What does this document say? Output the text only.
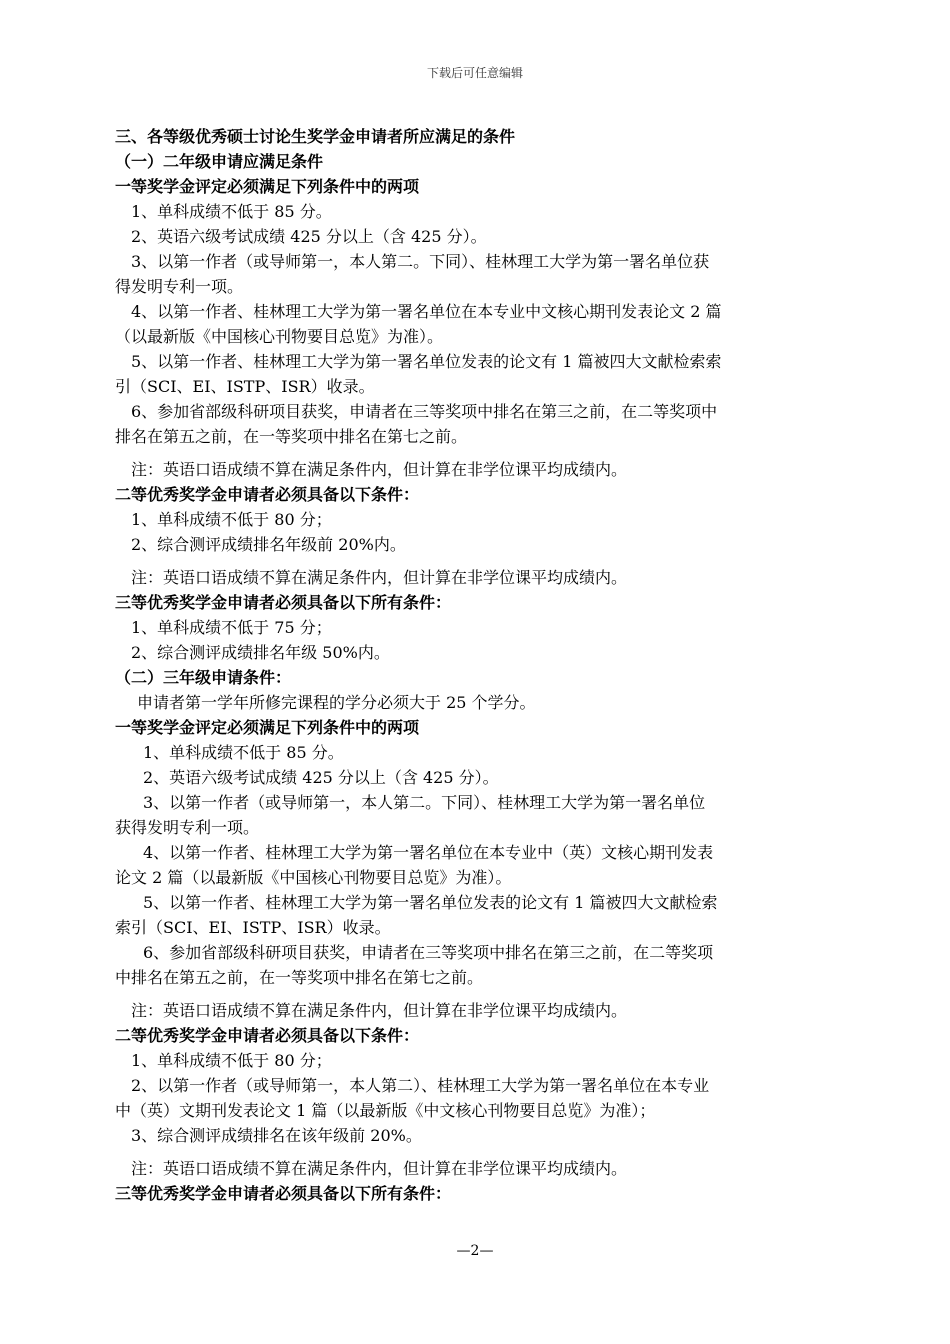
下载后可任意编辑
三、各等级优秀硕士讨论生奖学金申请者所应满足的条件
（一）二年级申请应满足条件
一等奖学金评定必须满足下列条件中的两项
1、单科成绩不低于 85 分。
2、英语六级考试成绩 425 分以上（含 425 分）。
3、以第一作者（或导师第一，本人第二。下同）、桂林理工大学为第一署名单位获
得发明专利一项。
4、以第一作者、桂林理工大学为第一署名单位在本专业中文核心期刊发表论文 2 篇
（以最新版《中国核心刊物要目总览》为准）。
5、以第一作者、桂林理工大学为第一署名单位发表的论文有 1 篇被四大文献检索索
引（SCI、EI、ISTP、ISR）收录。
6、参加省部级科研项目获奖，申请者在三等奖项中排名在第三之前，在二等奖项中
排名在第五之前，在一等奖项中排名在第七之前。
注：英语口语成绩不算在满足条件内，但计算在非学位课平均成绩内。
二等优秀奖学金申请者必须具备以下条件：
1、单科成绩不低于 80 分；
2、综合测评成绩排名年级前 20%内。
注：英语口语成绩不算在满足条件内，但计算在非学位课平均成绩内。
三等优秀奖学金申请者必须具备以下所有条件：
1、单科成绩不低于 75 分；
2、综合测评成绩排名年级 50%内。
（二）三年级申请条件：
申请者第一学年所修完课程的学分必须大于 25 个学分。
一等奖学金评定必须满足下列条件中的两项
1、单科成绩不低于 85 分。
2、英语六级考试成绩 425 分以上（含 425 分）。
3、以第一作者（或导师第一，本人第二。下同）、桂林理工大学为第一署名单位
获得发明专利一项。
4、以第一作者、桂林理工大学为第一署名单位在本专业中（英）文核心期刊发表
论文 2 篇（以最新版《中国核心刊物要目总览》为准）。
5、以第一作者、桂林理工大学为第一署名单位发表的论文有 1 篇被四大文献检索
索引（SCI、EI、ISTP、ISR）收录。
6、参加省部级科研项目获奖，申请者在三等奖项中排名在第三之前，在二等奖项
中排名在第五之前，在一等奖项中排名在第七之前。
注：英语口语成绩不算在满足条件内，但计算在非学位课平均成绩内。
二等优秀奖学金申请者必须具备以下条件：
1、单科成绩不低于 80 分；
2、以第一作者（或导师第一，本人第二）、桂林理工大学为第一署名单位在本专业
中（英）文期刊发表论文 1 篇（以最新版《中文核心刊物要目总览》为准）；
3、综合测评成绩排名在该年级前 20%。
注：英语口语成绩不算在满足条件内，但计算在非学位课平均成绩内。
三等优秀奖学金申请者必须具备以下所有条件：
—2—
